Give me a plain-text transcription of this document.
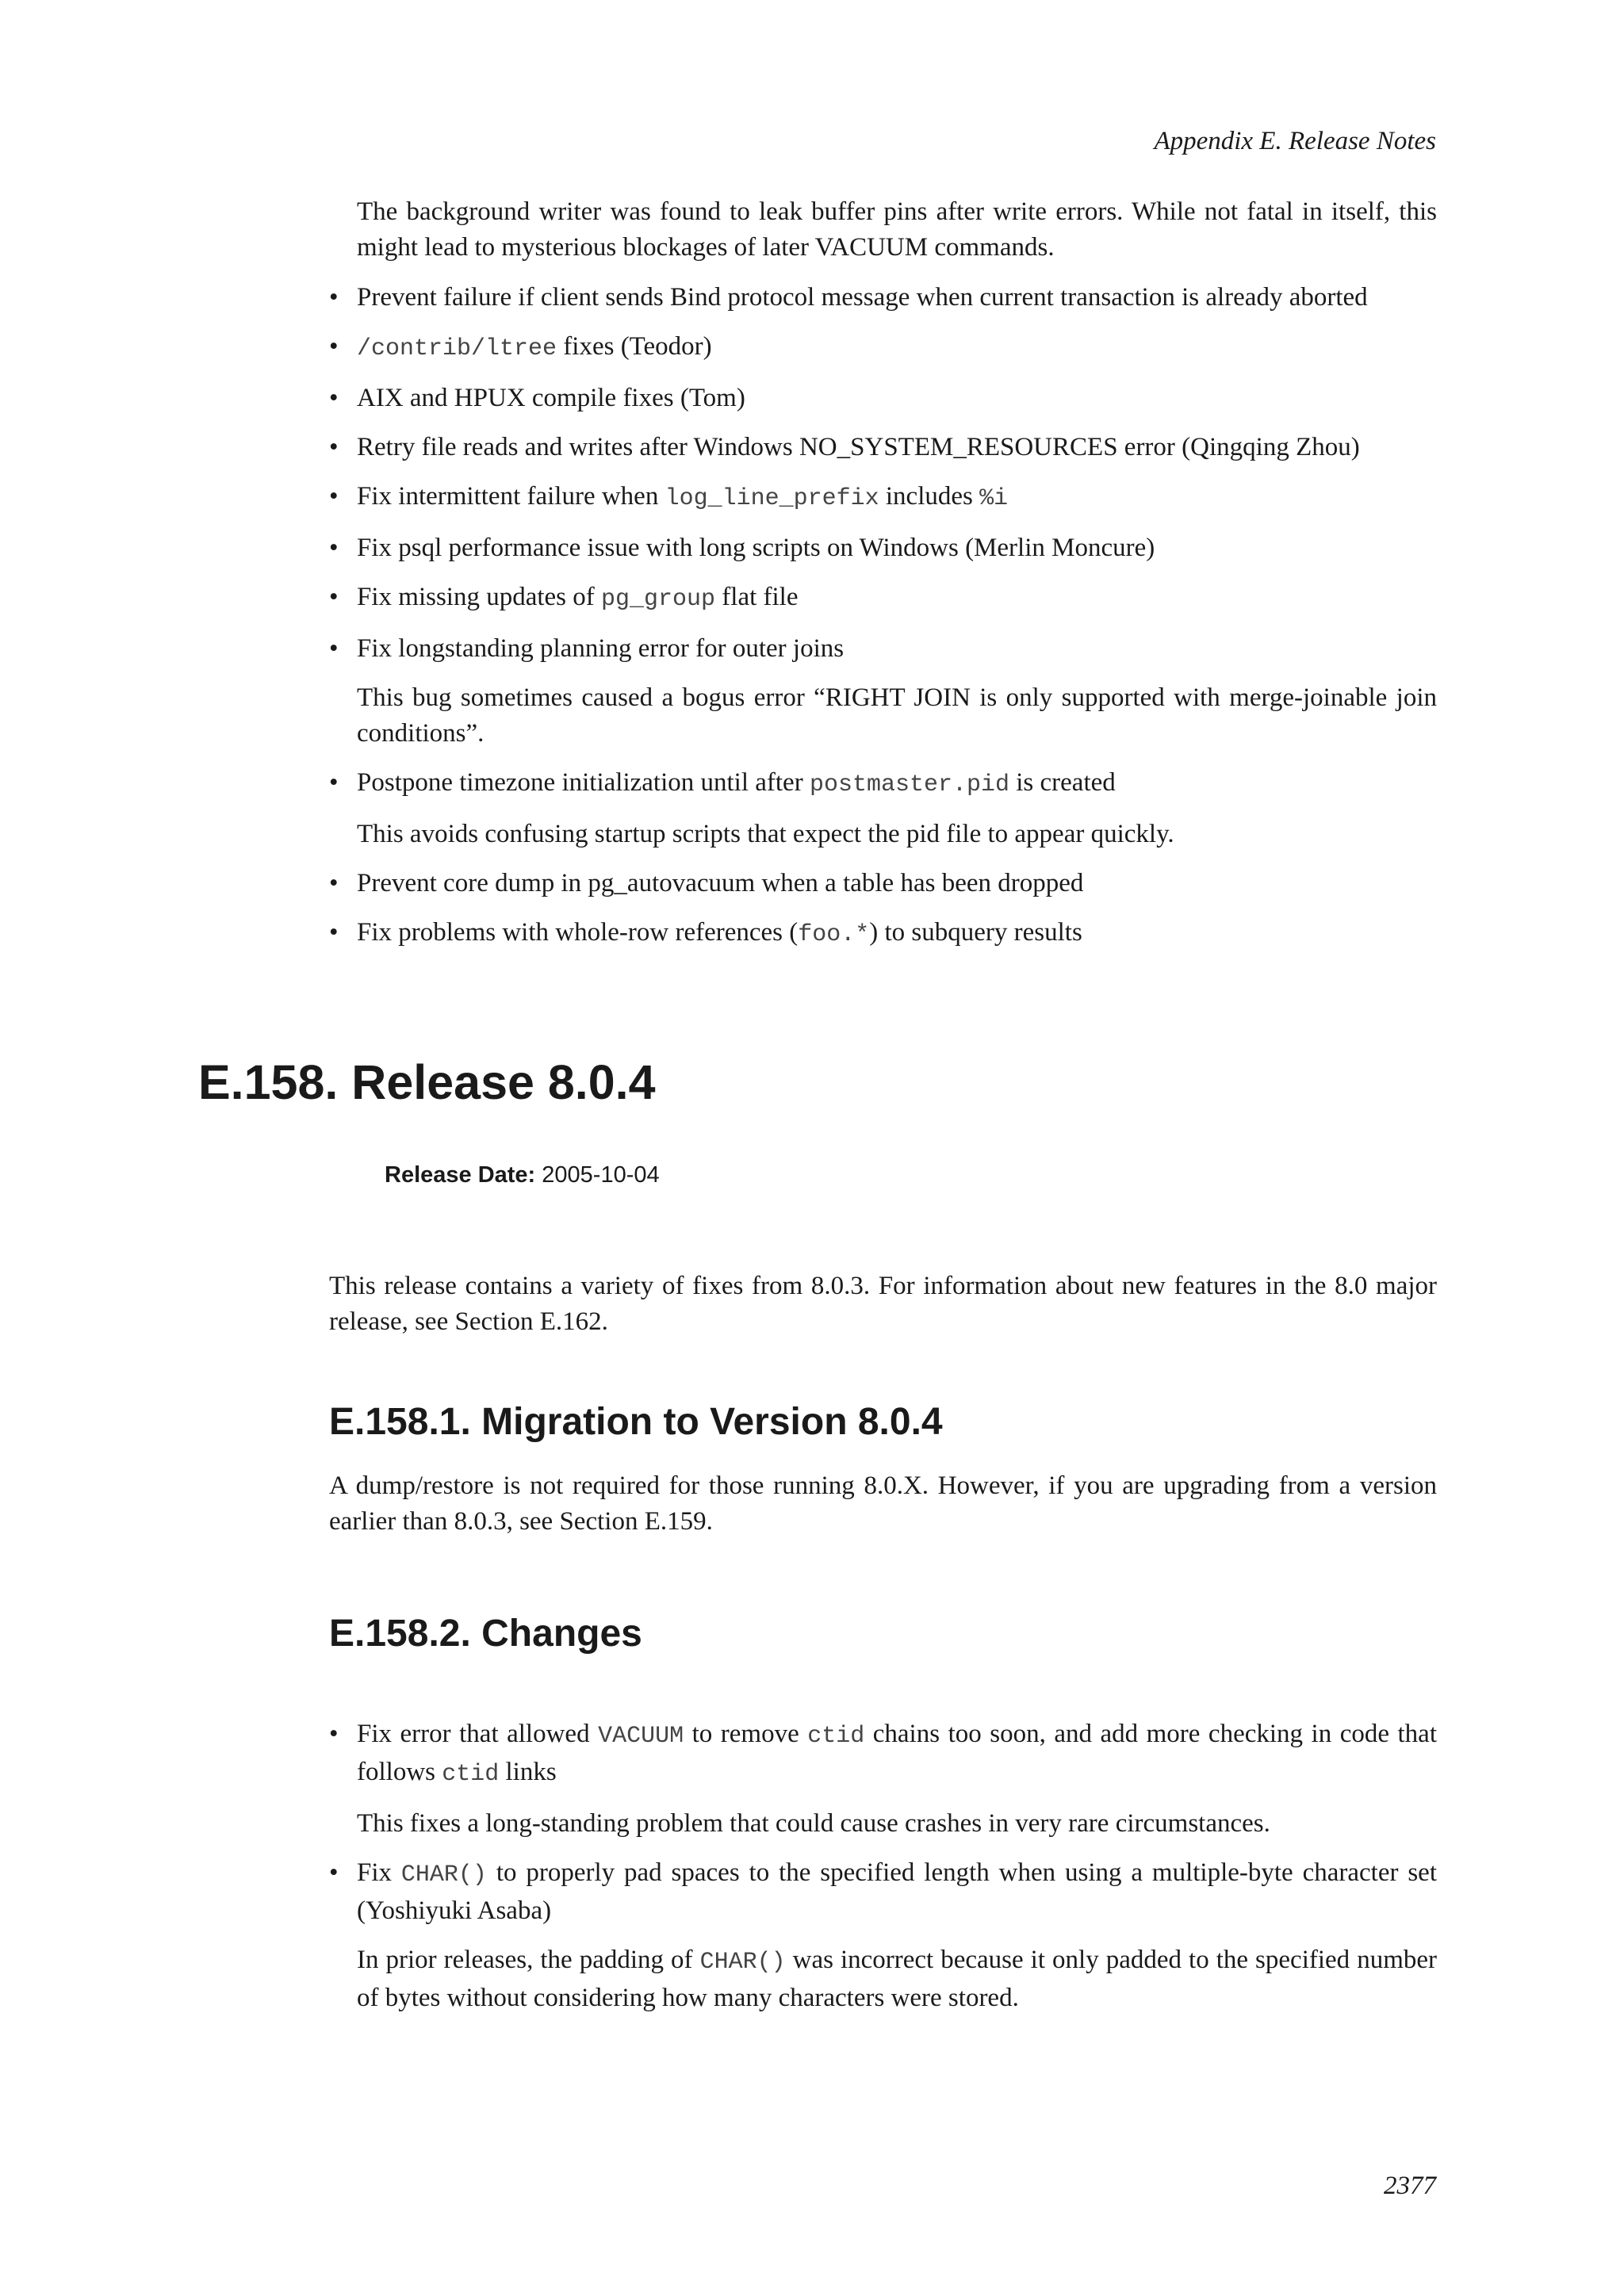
Appendix E. Release Notes

The background writer was found to leak buffer pins after write errors. While not fatal in itself, this might lead to mysterious blockages of later VACUUM commands.

• Prevent failure if client sends Bind protocol message when current transaction is already aborted
• /contrib/ltree fixes (Teodor)
• AIX and HPUX compile fixes (Tom)
• Retry file reads and writes after Windows NO_SYSTEM_RESOURCES error (Qingqing Zhou)
• Fix intermittent failure when log_line_prefix includes %i
• Fix psql performance issue with long scripts on Windows (Merlin Moncure)
• Fix missing updates of pg_group flat file
• Fix longstanding planning error for outer joins
This bug sometimes caused a bogus error “RIGHT JOIN is only supported with merge-joinable join conditions”.
• Postpone timezone initialization until after postmaster.pid is created
This avoids confusing startup scripts that expect the pid file to appear quickly.
• Prevent core dump in pg_autovacuum when a table has been dropped
• Fix problems with whole-row references (foo.*) to subquery results
E.158. Release 8.0.4
Release Date: 2005-10-04

This release contains a variety of fixes from 8.0.3. For information about new features in the 8.0 major release, see Section E.162.

E.158.1. Migration to Version 8.0.4

A dump/restore is not required for those running 8.0.X. However, if you are upgrading from a version earlier than 8.0.3, see Section E.159.

E.158.2. Changes
• Fix error that allowed VACUUM to remove ctid chains too soon, and add more checking in code that follows ctid links
This fixes a long-standing problem that could cause crashes in very rare circumstances.
• Fix CHAR() to properly pad spaces to the specified length when using a multiple-byte character set (Yoshiyuki Asaba)
In prior releases, the padding of CHAR() was incorrect because it only padded to the specified number of bytes without considering how many characters were stored.
2377
